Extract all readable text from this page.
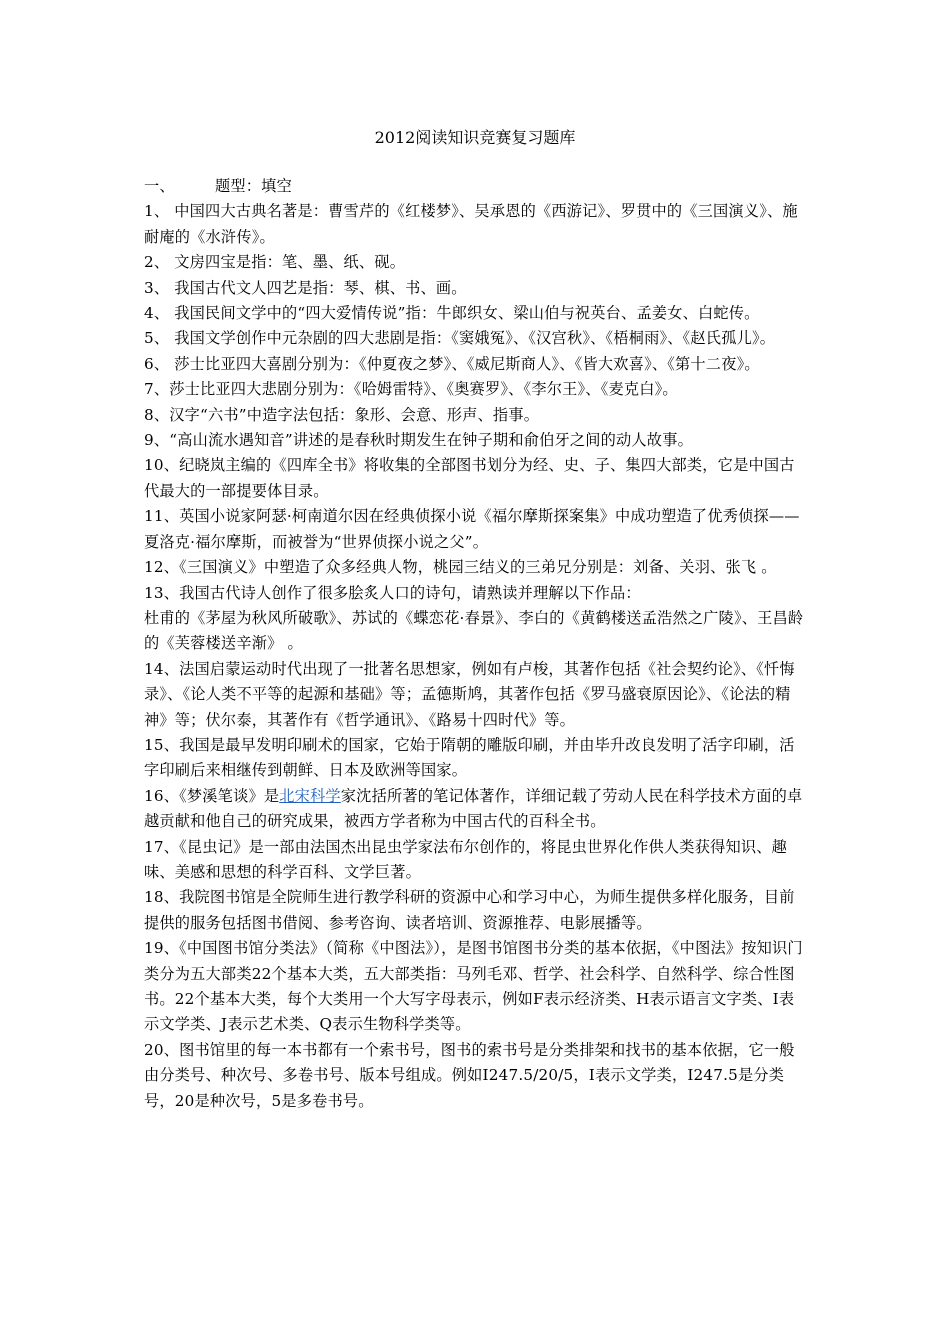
2012阅读知识竞赛复习题库

一、	题型：填空

1、 中国四大古典名著是：曹雪芹的《红楼梦》、吴承恩的《西游记》、罗贯中的《三国演义》、施耐庵的《水浒传》。

2、 文房四宝是指：笔、墨、纸、砚。

3、 我国古代文人四艺是指：琴、棋、书、画。

4、 我国民间文学中的“四大爱情传说”指：牛郎织女、梁山伯与祝英台、孟姜女、白蛇传。

5、 我国文学创作中元杂剧的四大悲剧是指：《窦娥冤》、《汉宫秋》、《梧桐雨》、《赵氏孤儿》。

6、 莎士比亚四大喜剧分别为：《仲夏夜之梦》、《威尼斯商人》、《皆大欢喜》、《第十二夜》。

7、莎士比亚四大悲剧分别为：《哈姆雷特》、《奥赛罗》、《李尔王》、《麦克白》。

8、汉字“六书”中造字法包括：象形、会意、形声、指事。

9、“高山流水遇知音”讲述的是春秋时期发生在钟子期和俞伯牙之间的动人故事。

10、纪晓岚主编的《四库全书》将收集的全部图书划分为经、史、子、集四大部类，它是中国古代最大的一部提要体目录。

11、英国小说家阿瑟·柯南道尔因在经典侦探小说《福尔摩斯探案集》中成功塑造了优秀侦探——夏洛克·福尔摩斯，而被誉为“世界侦探小说之父”。

12、《三国演义》中塑造了众多经典人物，桃园三结义的三弟兄分别是：刘备、关羽、张飞 。

13、我国古代诗人创作了很多脍炙人口的诗句，请熟读并理解以下作品：

杜甫的《茅屋为秋风所破歌》、苏试的《蝶恋花·春景》、李白的《黄鹤楼送孟浩然之广陵》、王昌龄的《芙蓉楼送辛渐》 。

14、法国启蒙运动时代出现了一批著名思想家，例如有卢梭，其著作包括《社会契约论》、《忏悔录》、《论人类不平等的起源和基础》等；孟德斯鸠，其著作包括《罗马盛衰原因论》、《论法的精神》等；伏尔泰，其著作有《哲学通讯》、《路易十四时代》等。

15、我国是最早发明印刷术的国家，它始于隋朝的雕版印刷，并由毕升改良发明了活字印刷，活字印刷后来相继传到朝鲜、日本及欧洲等国家。

16、《梦溪笔谈》是北宋科学家沈括所著的笔记体著作，详细记载了劳动人民在科学技术方面的卓越贡献和他自己的研究成果，被西方学者称为中国古代的百科全书。

17、《昆虫记》是一部由法国杰出昆虫学家法布尔创作的，将昆虫世界化作供人类获得知识、趣味、美感和思想的科学百科、文学巨著。

18、我院图书馆是全院师生进行教学科研的资源中心和学习中心，为师生提供多样化服务，目前提供的服务包括图书借阅、参考咨询、读者培训、资源推荐、电影展播等。

19、《中国图书馆分类法》（简称《中图法》），是图书馆图书分类的基本依据，《中图法》按知识门类分为五大部类22个基本大类，五大部类指：马列毛邓、哲学、社会科学、自然科学、综合性图书。22个基本大类，每个大类用一个大写字母表示，例如F表示经济类、H表示语言文字类、I表示文学类、J表示艺术类、Q表示生物科学类等。

20、图书馆里的每一本书都有一个索书号，图书的索书号是分类排架和找书的基本依据，它一般由分类号、种次号、多卷书号、版本号组成。例如I247.5/20/5，I表示文学类，I247.5是分类号，20是种次号，5是多卷书号。
